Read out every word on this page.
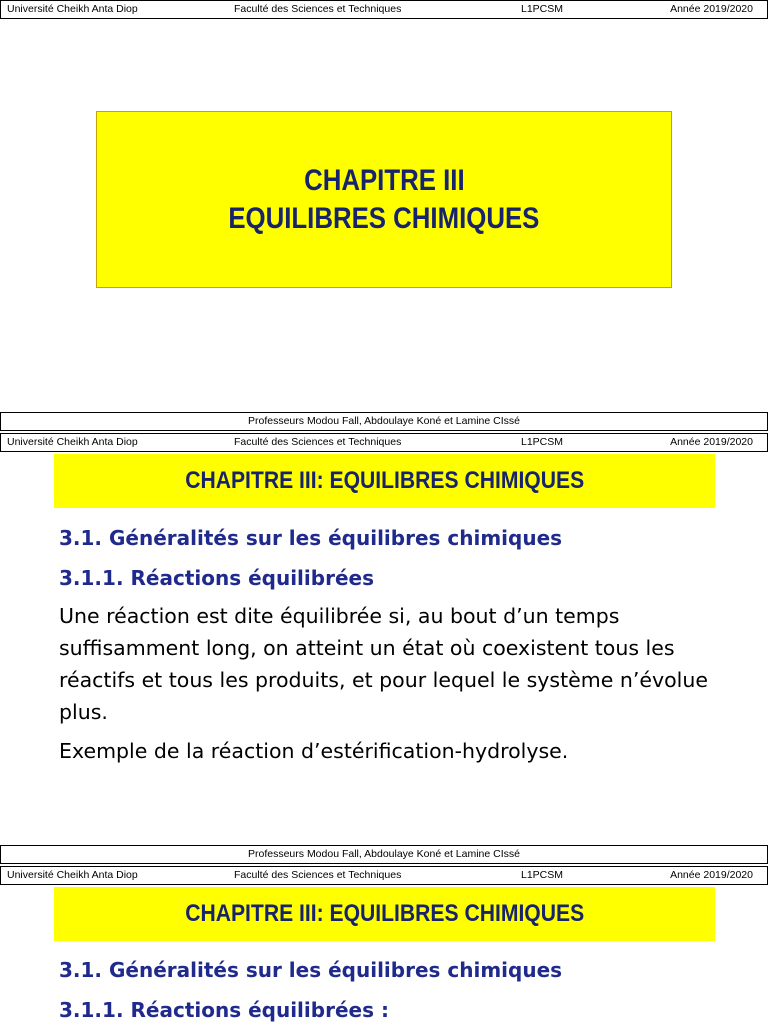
Université Cheikh Anta Diop	Faculté des Sciences et Techniques	L1PCSM	Année 2019/2020
CHAPITRE III
EQUILIBRES CHIMIQUES
Professeurs Modou Fall, Abdoulaye Koné et Lamine CIssé
Université Cheikh Anta Diop	Faculté des Sciences et Techniques	L1PCSM	Année 2019/2020
CHAPITRE III: EQUILIBRES CHIMIQUES
3.1. Généralités sur les équilibres chimiques
3.1.1. Réactions équilibrées
Une réaction est dite équilibrée si, au bout d’un temps suffisamment long, on atteint un état où coexistent tous les réactifs et tous les produits, et pour lequel le système n’évolue plus.
Exemple de la réaction d’estérification-hydrolyse.
Professeurs Modou Fall, Abdoulaye Koné et Lamine CIssé
Université Cheikh Anta Diop	Faculté des Sciences et Techniques	L1PCSM	Année 2019/2020
CHAPITRE III: EQUILIBRES CHIMIQUES
3.1. Généralités sur les équilibres chimiques
3.1.1. Réactions équilibrées :
